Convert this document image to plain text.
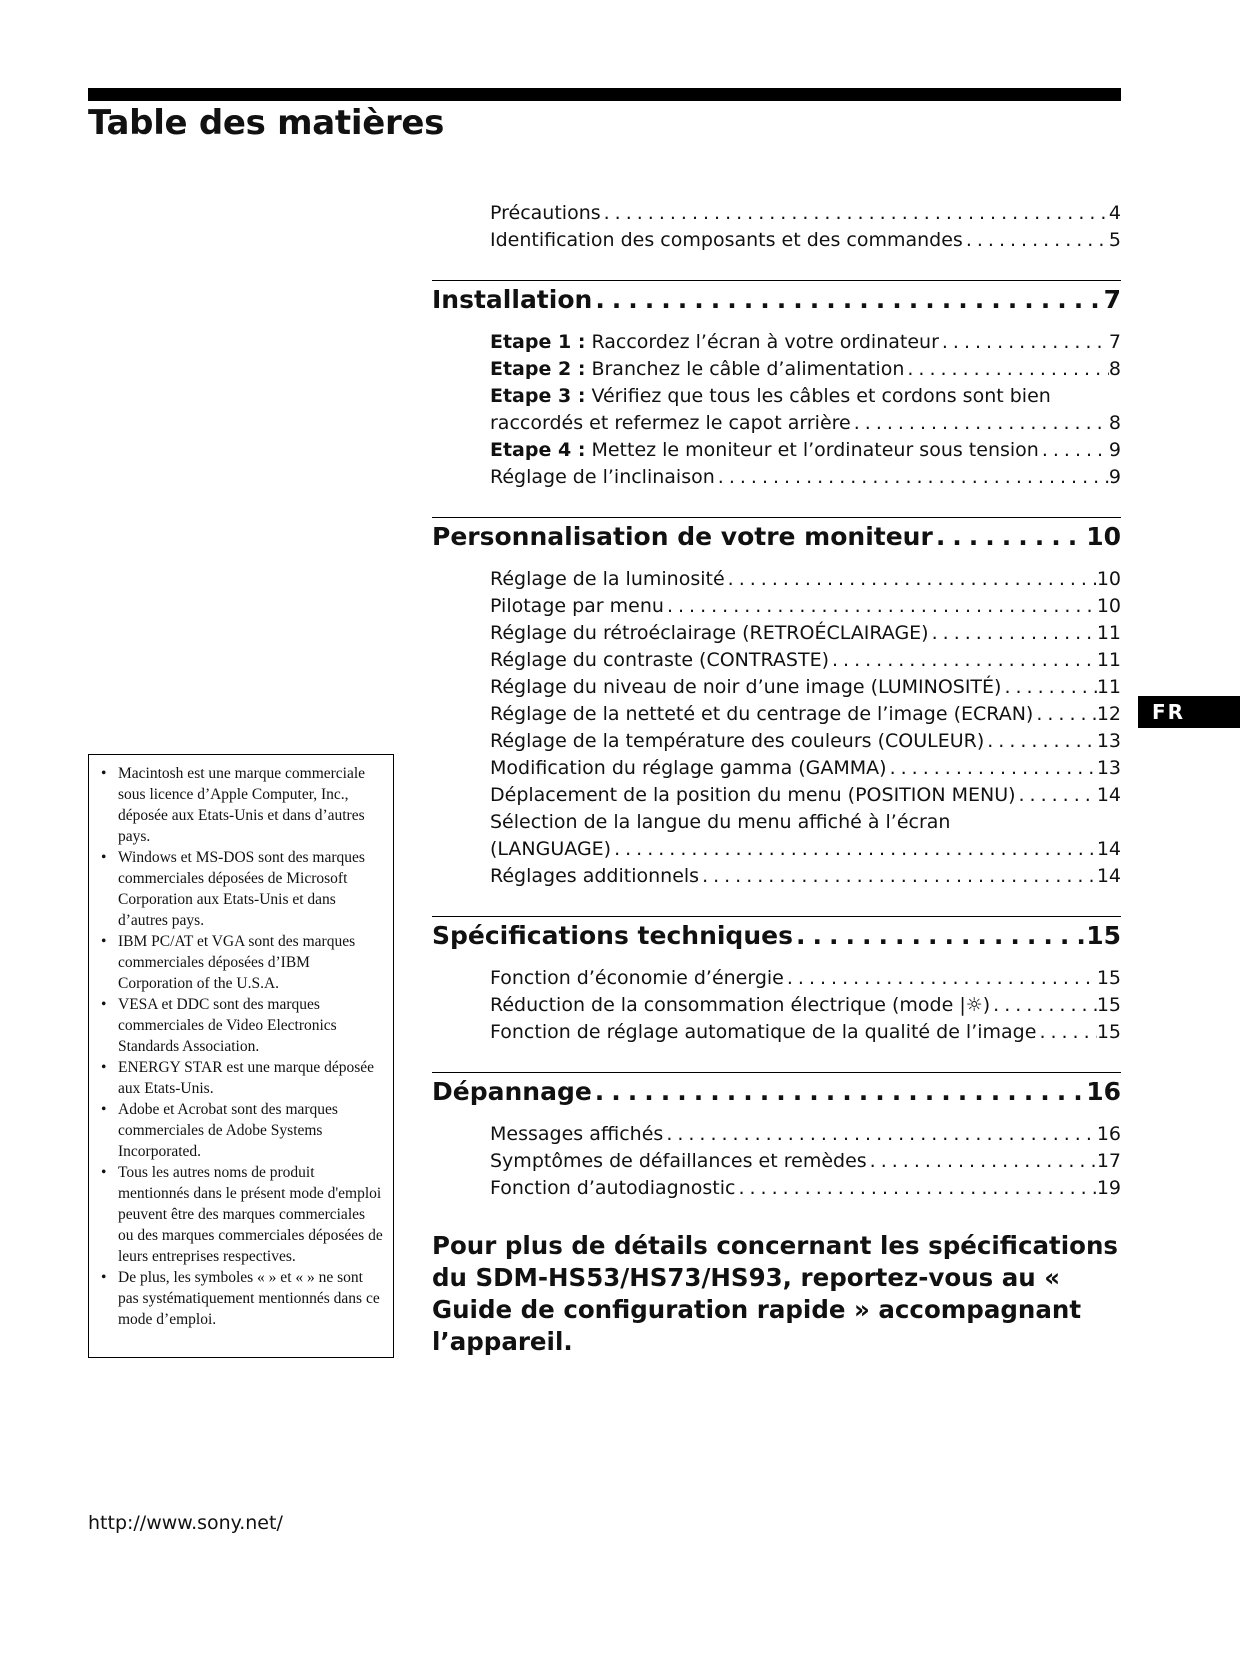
Table des matières
FR
Précautions .....	4
Identification des composants et des commandes .....	5
Installation .....	7
Etape 1 : Raccordez l’écran à votre ordinateur .....	7
Etape 2 : Branchez le câble d’alimentation .....	8
Etape 3 : Vérifiez que tous les câbles et cordons sont bien
raccordés et refermez le capot arrière .....	8
Etape 4 : Mettez le moniteur et l’ordinateur sous tension .....	9
Réglage de l’inclinaison .....	9
Personnalisation de votre moniteur .....	10
Réglage de la luminosité .....	10
Pilotage par menu .....	10
Réglage du rétroéclairage (RETROÉCLAIRAGE) .....	11
Réglage du contraste (CONTRASTE) .....	11
Réglage du niveau de noir d’une image (LUMINOSITÉ) .....	11
Réglage de la netteté et du centrage de l’image (ECRAN) .....	12
Réglage de la température des couleurs (COULEUR) .....	13
Modification du réglage gamma (GAMMA) .....	13
Déplacement de la position du menu (POSITION MENU) .....	14
Sélection de la langue du menu affiché à l’écran
(LANGUAGE) .....	14
Réglages additionnels .....	14
Spécifications techniques .....	15
Fonction d’économie d’énergie .....	15
Réduction de la consommation électrique (mode |☼) .....	15
Fonction de réglage automatique de la qualité de l’image .....	15
Dépannage .....	16
Messages affichés .....	16
Symptômes de défaillances et remèdes .....	17
Fonction d’autodiagnostic .....	19
Pour plus de détails concernant les spécifications du SDM-HS53/HS73/HS93, reportez-vous au « Guide de configuration rapide » accompagnant l’appareil.
• Macintosh est une marque commerciale sous licence d’Apple Computer, Inc., déposée aux Etats-Unis et dans d’autres pays.
• Windows et MS-DOS sont des marques commerciales déposées de Microsoft Corporation aux Etats-Unis et dans d’autres pays.
• IBM PC/AT et VGA sont des marques commerciales déposées d’IBM Corporation of the U.S.A.
• VESA et DDC sont des marques commerciales de Video Electronics Standards Association.
• ENERGY STAR est une marque déposée aux Etats-Unis.
• Adobe et Acrobat sont des marques commerciales de Adobe Systems Incorporated.
• Tous les autres noms de produit mentionnés dans le présent mode d'emploi peuvent être des marques commerciales ou des marques commerciales déposées de leurs entreprises respectives.
• De plus, les symboles « » et « » ne sont pas systématiquement mentionnés dans ce mode d’emploi.
http://www.sony.net/
